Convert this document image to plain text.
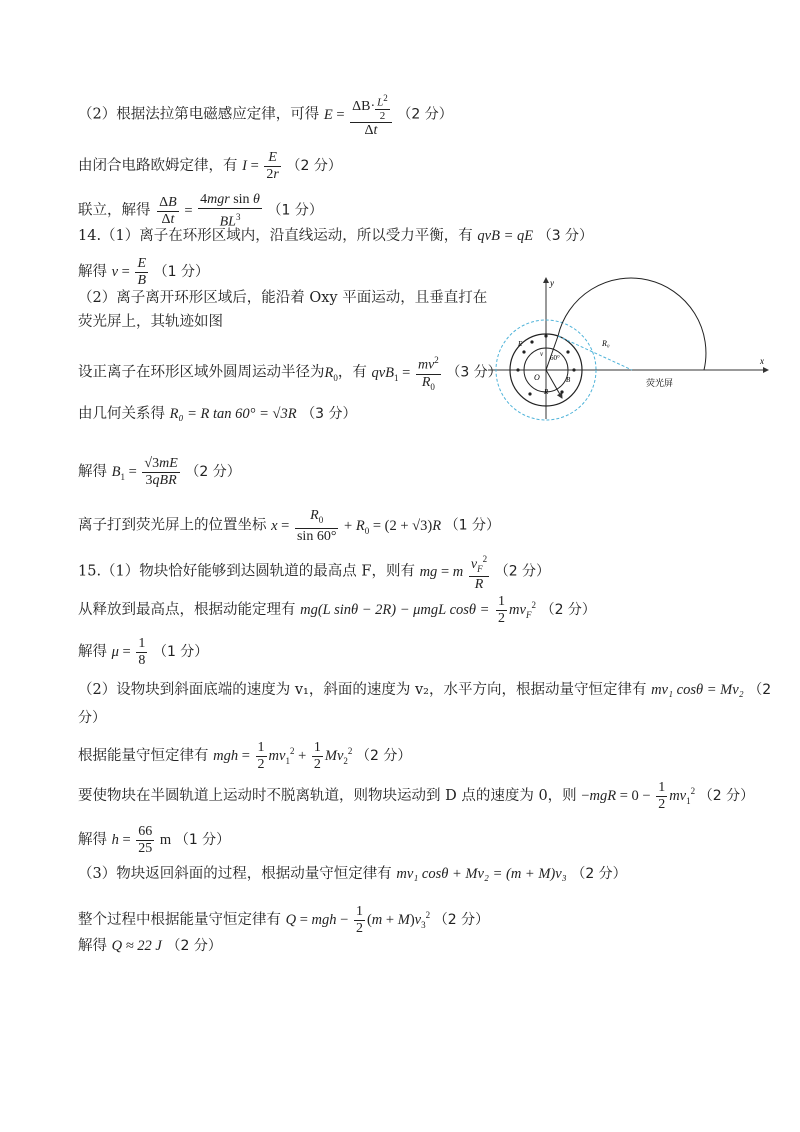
（2）根据法拉第电磁感应定律，可得 $E = \frac{\Delta B\cdot \frac{L^2}{2}}{\Delta t} (2$ 分）
由闭合电路欧姆定律，有 $I = \frac{E}{2r} (2$ 分）
联立，解得 $\frac{\Delta B}{\Delta t} = \frac{\text{4mgr sin θ}}{BL^3} (1$ 分）
14.（1）离子在环形区域内，沿直线运动，所以受力平衡，有 qvB = qE （3 分）
解得 $v = \frac{E}{B} (1$ 分）
（2）离子离开环形区域后，能沿着 Oxy 平面运动，且垂直打在
荧光屏上，其轨迹如图
设正离子在环形区域外圆周运动半径为$R_0$，有 $qvB_1 = \frac{mv^2}{R_0} (3$ 分）
由几何关系得 R₀ = R tan 60° = √3R （3 分）
解得 $B_1 = \frac{√3mE}{\text{3qBR}} (2$ 分）
离子打到荧光屏上的位置坐标 $x = \frac{R_0}{\sin 60^\circ} + R_0 = (2 + √3)R$ （1 分）
15.（1）物块恰好能够到达圆轨道的最高点 F，则有 mg = m $\frac{v_F^2}{R} (2$ 分）
从释放到最高点，根据动能定理有 mg(L sinθ − 2R) − μmgL $\cos\theta = \frac{1}{2} mv_F^2$ （2 分）
解得 $\mu = \frac{1}{8} (1$ 分）
（2）设物块到斜面底端的速度为 v₁，斜面的速度为 v₂，水平方向，根据动量守恒定律有 mv₁ cosθ = Mv₂ （2
分）
根据能量守恒定律有 mgh = $\frac{1}{2} mv_1^2 + \frac{1}{2} Mv_2^2$ （2 分）
要使物块在半圆轨道上运动时不脱离轨道，则物块运动到 D 点的速度为 0，则 $-mgR = 0 - \frac{1}{2} mv_1^2$ （2 分）
解得 $h = \frac{66}{25}$ m （1 分）
（3）物块返回斜面的过程，根据动量守恒定律有 mv₁ cosθ + Mv₂ = (m + M)v₃ （2 分）
整个过程中根据能量守恒定律有 Q = mgh − $\frac{1}{2} (m + M)v_3^2$ （2 分）
解得 Q ≈ 22 J （2 分）
x
y
R₀
60°
v
O
E
B
R
荧光屏
